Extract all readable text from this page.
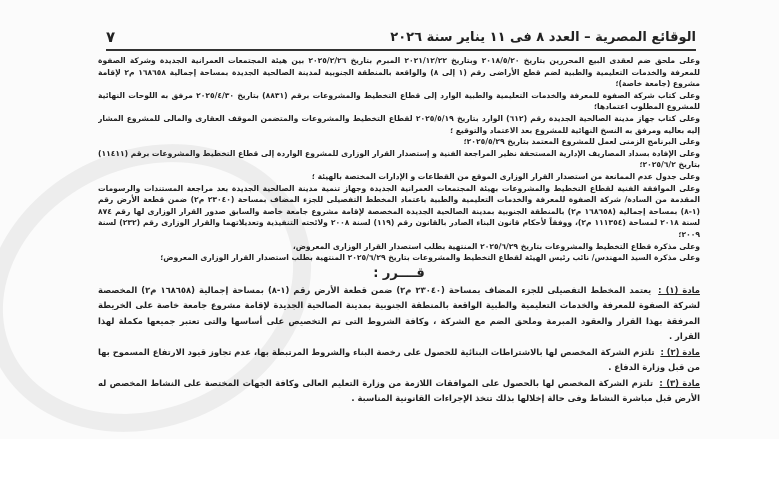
الوقائع المصرية – العدد ٨ فى ١١ يناير سنة ٢٠٢٦
٧

وعلى ملحق ضم لعقدى البيع المحررين بتاريخ ٢٠١٨/٥/٢٠ وبتاريخ ٢٠٢١/١٢/٢٢ المبرم بتاريخ ٢٠٢٥/٢/٢٦ بين هيئة المجتمعات العمرانية الجديدة وشركة الصفوة للمعرفة والخدمات التعليمية والطبية لضم قطع الأراضى رقم (١ إلى ٨) والواقعة بالمنطقة الجنوبية لمدينة الصالحية الجديدة بمساحة إجمالية ١٦٨٦٥٨ م٢ لإقامة مشروع (جامعة خاصة)؛

وعلى كتاب شركة الصفوة للمعرفة والخدمات التعليمية والطبية الوارد إلى قطاع التخطيط والمشروعات برقم (٨٨٣١) بتاريخ ٢٠٢٥/٤/٣٠ مرفق به اللوحات النهائية للمشروع المطلوب اعتمادها؛

وعلى كتاب جهاز مدينة الصالحية الجديدة رقم (٦١٢) الوارد بتاريخ ٢٠٢٥/٥/١٩ لقطاع التخطيط والمشروعات والمتضمن الموقف العقارى والمالى للمشروع المشار إليه بعاليه ومرفق به النسخ النهائية للمشروع بعد الاعتماد والتوقيع ؛

وعلى البرنامج الزمنى لعمل للمشروع المعتمد بتاريخ ٢٠٢٥/٥/٢٩؛

وعلى الإفادة بسداد المصاريف الإدارية المستحقة نظير المراجعة الفنية و إستصدار القرار الوزارى للمشروع الواردة إلى قطاع التخطيط والمشروعات برقم (١١٤١١) بتاريخ ٢٠٢٥/٦/٢؛

وعلى جدول عدم الممانعة من استصدار القرار الوزارى الموقع من القطاعات و الإدارات المختصة بالهيئة ؛

وعلى الموافقة الفنية لقطاع التخطيط والمشروعات بهيئة المجتمعات العمرانية الجديدة وجهاز تنمية مدينة الصالحية الجديدة بعد مراجعة المستندات والرسومات المقدمة من السادة/ شركة الصفوة للمعرفة والخدمات التعليمية والطبية باعتماد المخطط التفصيلى للجزء المضاف بمساحة (٢٣٠٤٠ م٢) ضمن قطعة الأرض رقم (١-٨) بمساحة إجمالية (١٦٨٦٥٨ م٢) بالمنطقة الجنوبية بمدينة الصالحية الجديدة المخصصة لإقامة مشروع جامعة خاصة والسابق صدور القرار الوزارى لها رقم ٨٧٤ لسنة ٢٠١٨ لمساحة (١١١٣٥٤ م٢)، ووفقاً لأحكام قانون البناء الصادر بالقانون رقم (١١٩) لسنة ٢٠٠٨ ولائحته التنفيذية وتعديلاتهما والقرار الوزارى رقم (٢٣٢) لسنة ٢٠٠٩؛

وعلى مذكرة قطاع التخطيط والمشروعات بتاريخ ٢٠٢٥/٦/٢٩ المنتهية بطلب استصدار القرار الوزارى المعروض،

وعلى مذكرة السيد المهندس/ نائب رئيس الهيئة لقطاع التخطيط والمشروعات بتاريخ ٢٠٢٥/٦/٢٩ المنتهية بطلب استصدار القرار الوزارى المعروض؛

قــــرر :

مادة (١) : يعتمد المخطط التفصيلى للجزء المضاف بمساحة (٢٣٠٤٠ م٢) ضمن قطعة الأرض رقم (١-٨) بمساحة إجمالية (١٦٨٦٥٨ م٢) المخصصة لشركة الصفوة للمعرفة والخدمات التعليمية والطبية الواقعة بالمنطقة الجنوبية بمدينة الصالحية الجديدة لإقامة مشروع جامعة خاصة على الخريطة المرفقة بهذا القرار والعقود المبرمة وملحق الضم مع الشركة ، وكافة الشروط التى تم التخصيص على أساسها والتى تعتبر جميعها مكملة لهذا القرار .

مادة (٢) : تلتزم الشركة المخصص لها بالاشتراطات البنائية للحصول على رخصة البناء والشروط المرتبطة بها، عدم تجاوز قيود الارتفاع المسموح بها من قبل وزارة الدفاع .

مادة (٣) : تلتزم الشركة المخصص لها بالحصول على الموافقات اللازمة من وزارة التعليم العالى وكافة الجهات المختصة على النشاط المخصص له الأرض قبل مباشرة النشاط وفى حالة إخلالها بذلك تتخذ الإجراءات القانونية المناسبة .
